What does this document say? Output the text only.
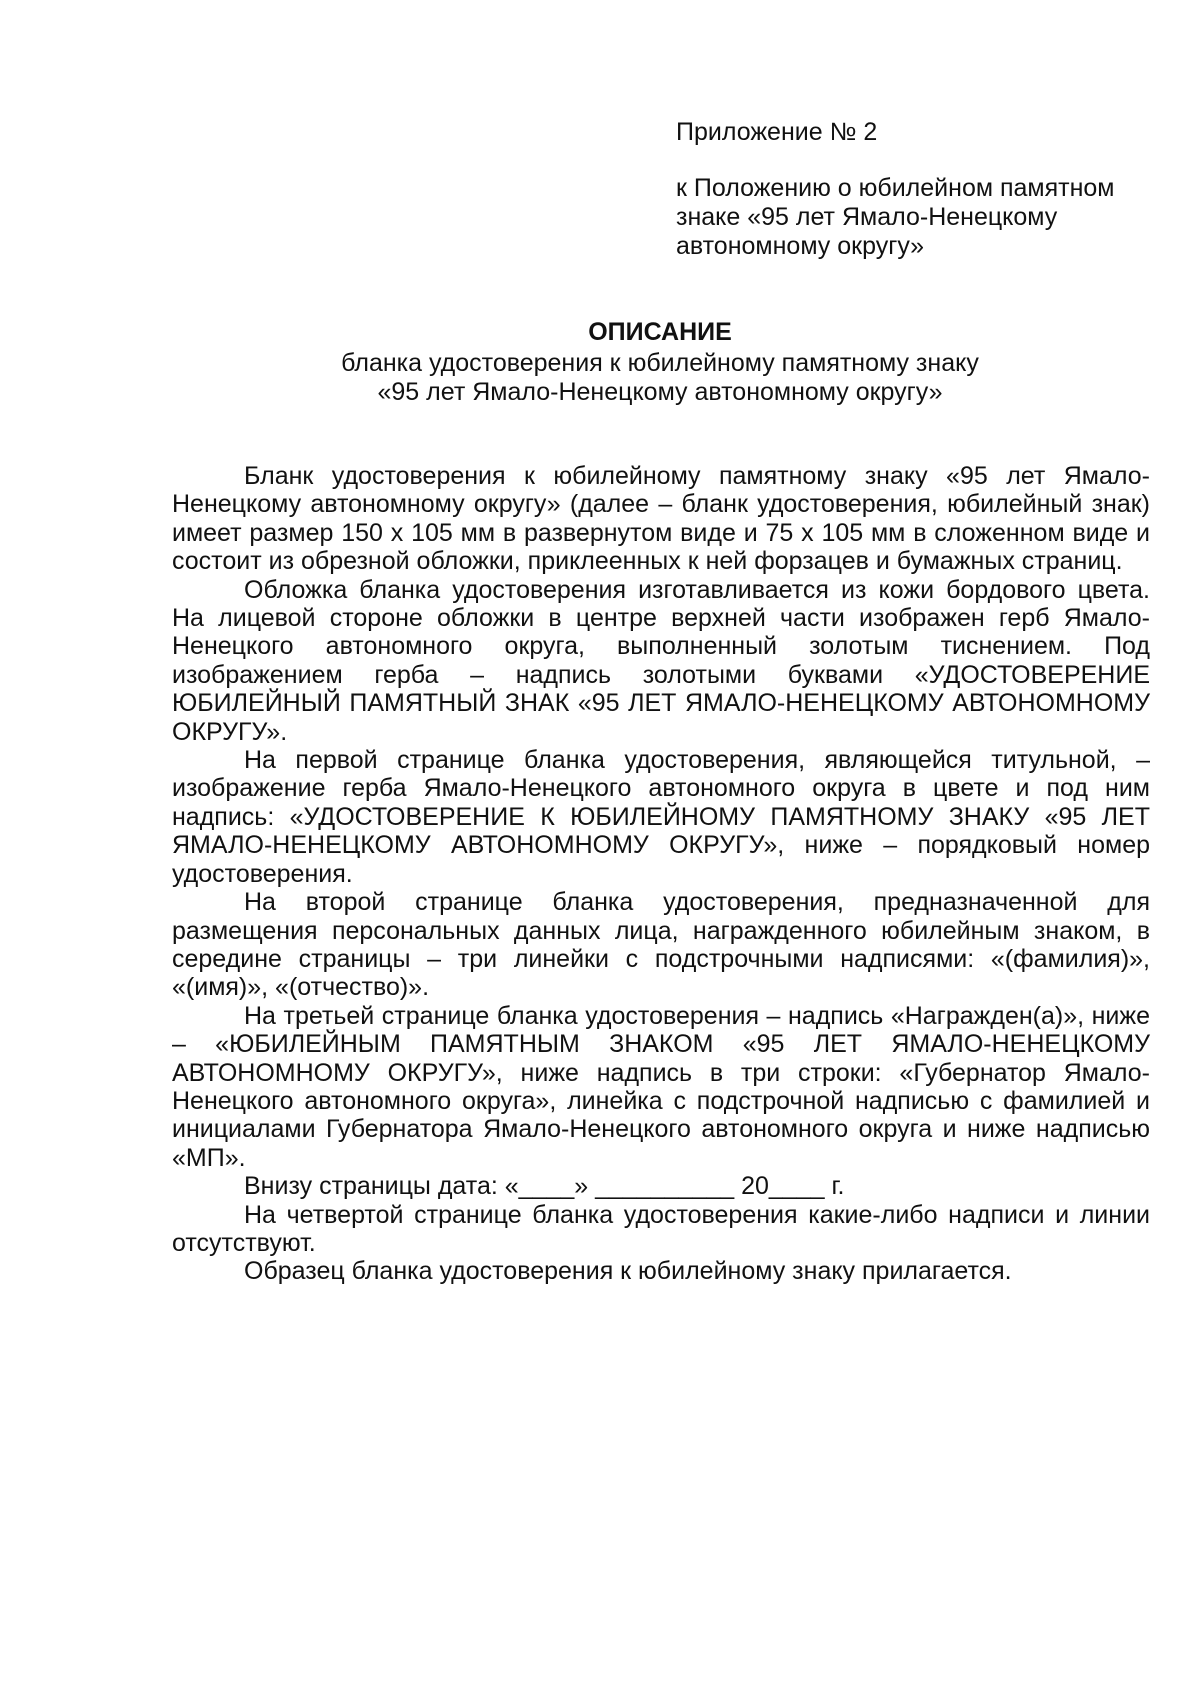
Приложение № 2

к Положению о юбилейном памятном знаке «95 лет Ямало-Ненецкому автономному округу»

ОПИСАНИЕ
бланка удостоверения к юбилейному памятному знаку
«95 лет Ямало-Ненецкому автономному округу»

Бланк удостоверения к юбилейному памятному знаку «95 лет Ямало-Ненецкому автономному округу» (далее – бланк удостоверения, юбилейный знак) имеет размер 150 х 105 мм в развернутом виде и 75 х 105 мм в сложенном виде и состоит из обрезной обложки, приклеенных к ней форзацев и бумажных страниц.

Обложка бланка удостоверения изготавливается из кожи бордового цвета. На лицевой стороне обложки в центре верхней части изображен герб Ямало-Ненецкого автономного округа, выполненный золотым тиснением. Под изображением герба – надпись золотыми буквами «УДОСТОВЕРЕНИЕ ЮБИЛЕЙНЫЙ ПАМЯТНЫЙ ЗНАК «95 ЛЕТ ЯМАЛО-НЕНЕЦКОМУ АВТОНОМНОМУ ОКРУГУ».

На первой странице бланка удостоверения, являющейся титульной, – изображение герба Ямало-Ненецкого автономного округа в цвете и под ним надпись: «УДОСТОВЕРЕНИЕ К ЮБИЛЕЙНОМУ ПАМЯТНОМУ ЗНАКУ «95 ЛЕТ ЯМАЛО-НЕНЕЦКОМУ АВТОНОМНОМУ ОКРУГУ», ниже – порядковый номер удостоверения.

На второй странице бланка удостоверения, предназначенной для размещения персональных данных лица, награжденного юбилейным знаком, в середине страницы – три линейки с подстрочными надписями: «(фамилия)», «(имя)», «(отчество)».

На третьей странице бланка удостоверения – надпись «Награжден(а)», ниже – «ЮБИЛЕЙНЫМ ПАМЯТНЫМ ЗНАКОМ «95 ЛЕТ ЯМАЛО-НЕНЕЦКОМУ АВТОНОМНОМУ ОКРУГУ», ниже надпись в три строки: «Губернатор Ямало-Ненецкого автономного округа», линейка с подстрочной надписью с фамилией и инициалами Губернатора Ямало-Ненецкого автономного округа и ниже надписью «МП».

Внизу страницы дата: «____» __________ 20____ г.

На четвертой странице бланка удостоверения какие-либо надписи и линии отсутствуют.

Образец бланка удостоверения к юбилейному знаку прилагается.
